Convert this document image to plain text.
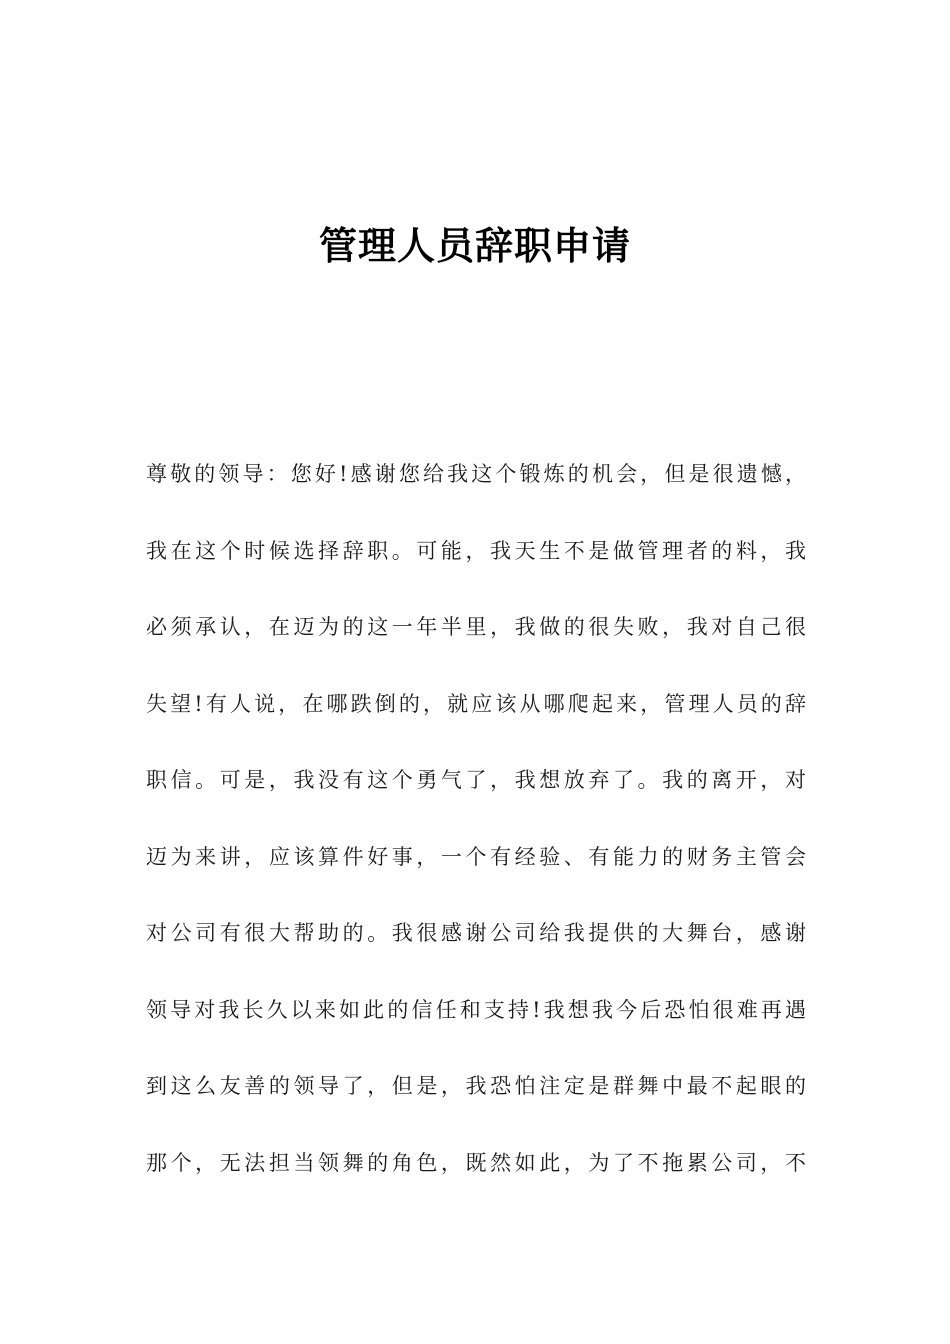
管理人员辞职申请
尊敬的领导：您好!感谢您给我这个锻炼的机会，但是很遗憾，
我在这个时候选择辞职。可能，我天生不是做管理者的料，我
必须承认，在迈为的这一年半里，我做的很失败，我对自己很
失望!有人说，在哪跌倒的，就应该从哪爬起来，管理人员的辞
职信。可是，我没有这个勇气了，我想放弃了。我的离开，对
迈为来讲，应该算件好事，一个有经验、有能力的财务主管会
对公司有很大帮助的。我很感谢公司给我提供的大舞台，感谢
领导对我长久以来如此的信任和支持!我想我今后恐怕很难再遇
到这么友善的领导了，但是，我恐怕注定是群舞中最不起眼的
那个，无法担当领舞的角色，既然如此，为了不拖累公司，不
